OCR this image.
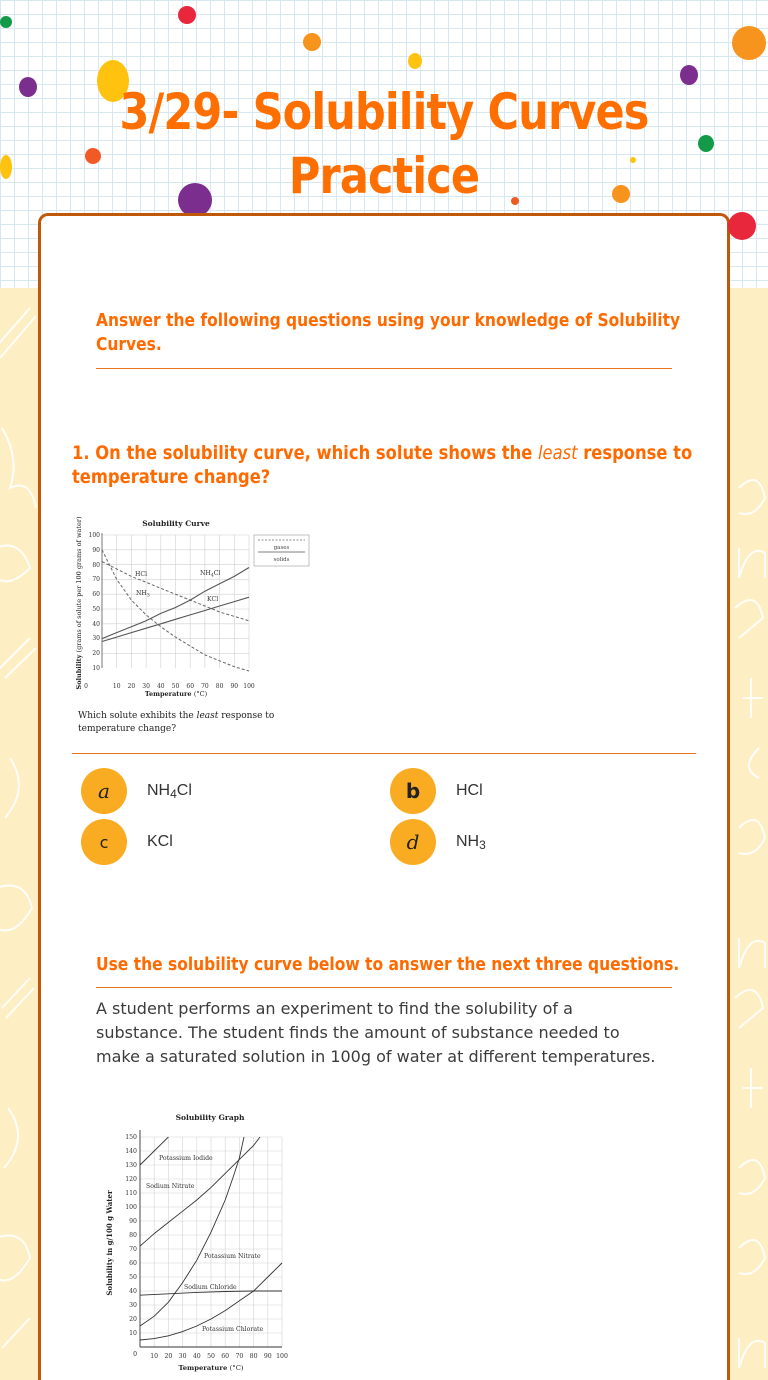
3/29- Solubility Curves
Practice
Answer the following questions using your knowledge of Solubility
Curves.
1. On the solubility curve, which solute shows the least response to
temperature change?
Solubility Curve
Solubility (grams of solute per 100 grams of water) 100
90
80
70
60
50
40
30
20
10
0	10 20 30 40 50 60 70 80 90 100
Temperature (°C)
HCl
$NH_3$
$NH_4Cl$
KCl
gases
solids
Which solute exhibits the least response to
temperature change?
a	$NH_4Cl$	b	HCl
c	KCl	d	$NH_3$
Use the solubility curve below to answer the next three questions.
A student performs an experiment to find the solubility of a substance. The student finds the amount of substance needed to make a saturated solution in 100g of water at different temperatures.
Solubility Graph
Solubility in g/100 g Water
150
140
130
120
110
100
90
80
70
60
50
40
30
20
10
0 10 20 30 40 50 60 70 80 90 100
Temperature (°C)
Potassium Iodide
Sodium Nitrate
Potassium Nitrate
Sodium Chloride
Potassium Chlorate
